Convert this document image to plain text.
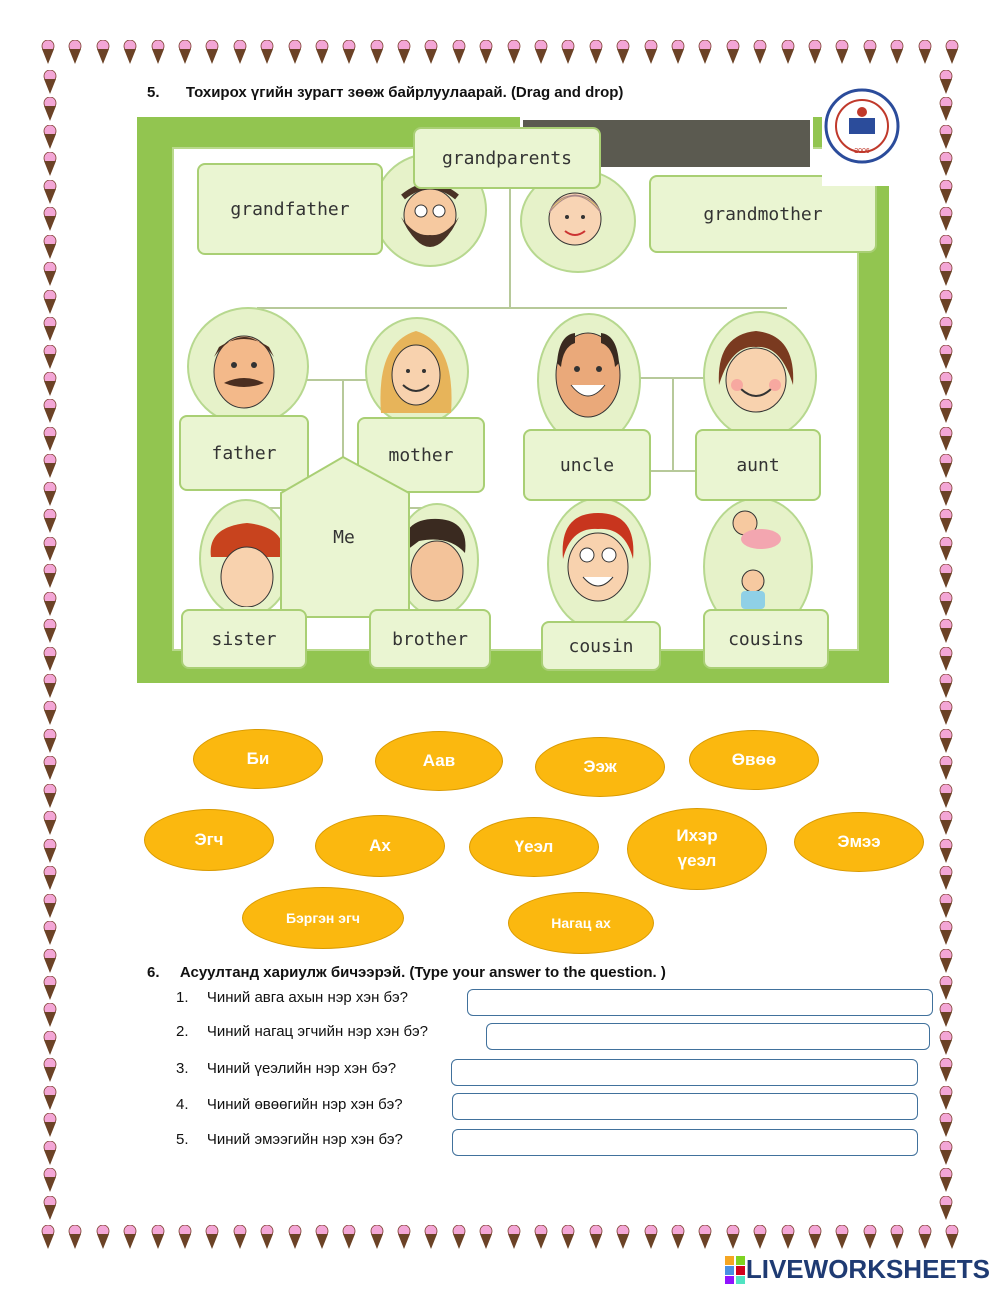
5. Тохирох үгийн зурагт зөөж байрлуулаарай. (Drag and drop)
grandparents
grandfather	grandmother
father	mother	uncle	aunt
Me
sister	brother	cousin	cousins
2006
Би	Аав	Ээж	Өвөө
Эгч	Ах	Үеэл
Ихэр
үеэл
Эмээ
Бэргэн эгч	Нагац ах
6. Асуултанд хариулж бичээрэй. (Type your answer to the question. )
1. Чиний авга ахын нэр хэн бэ?
2. Чиний нагац эгчийн нэр хэн бэ?
3. Чиний үеэлийн нэр хэн бэ?
4. Чиний өвөөгийн нэр хэн бэ?
5. Чиний эмээгийн нэр хэн бэ?
LIVEWORKSHEETS
